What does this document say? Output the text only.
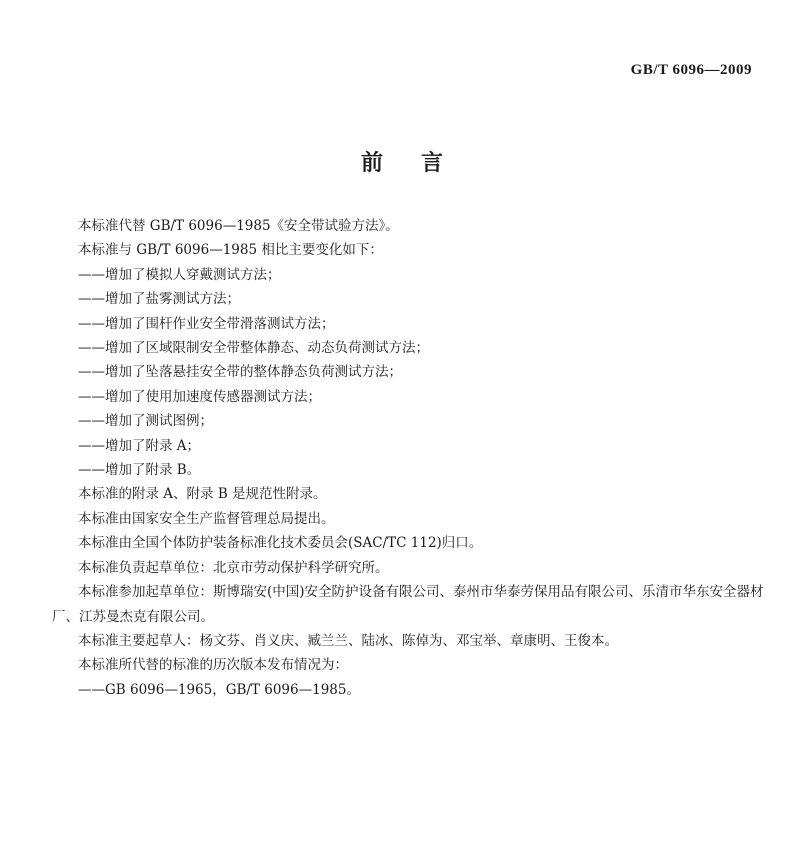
GB/T 6096—2009
前言

本标准代替 GB/T 6096—1985《安全带试验方法》。

本标准与 GB/T 6096—1985 相比主要变化如下：

——增加了模拟人穿戴测试方法；

——增加了盐雾测试方法；

——增加了围杆作业安全带滑落测试方法；

——增加了区域限制安全带整体静态、动态负荷测试方法；

——增加了坠落悬挂安全带的整体静态负荷测试方法；

——增加了使用加速度传感器测试方法；

——增加了测试图例；

——增加了附录 A；

——增加了附录 B。

本标准的附录 A、附录 B 是规范性附录。

本标准由国家安全生产监督管理总局提出。

本标准由全国个体防护装备标准化技术委员会(SAC/TC 112)归口。

本标准负责起草单位：北京市劳动保护科学研究所。

本标准参加起草单位：斯博瑞安(中国)安全防护设备有限公司、泰州市华泰劳保用品有限公司、乐清市华东安全器材厂、江苏曼杰克有限公司。

本标准主要起草人：杨文芬、肖义庆、臧兰兰、陆冰、陈倬为、邓宝举、章康明、王俊本。

本标准所代替的标准的历次版本发布情况为：

——GB 6096—1965，GB/T 6096—1985。
